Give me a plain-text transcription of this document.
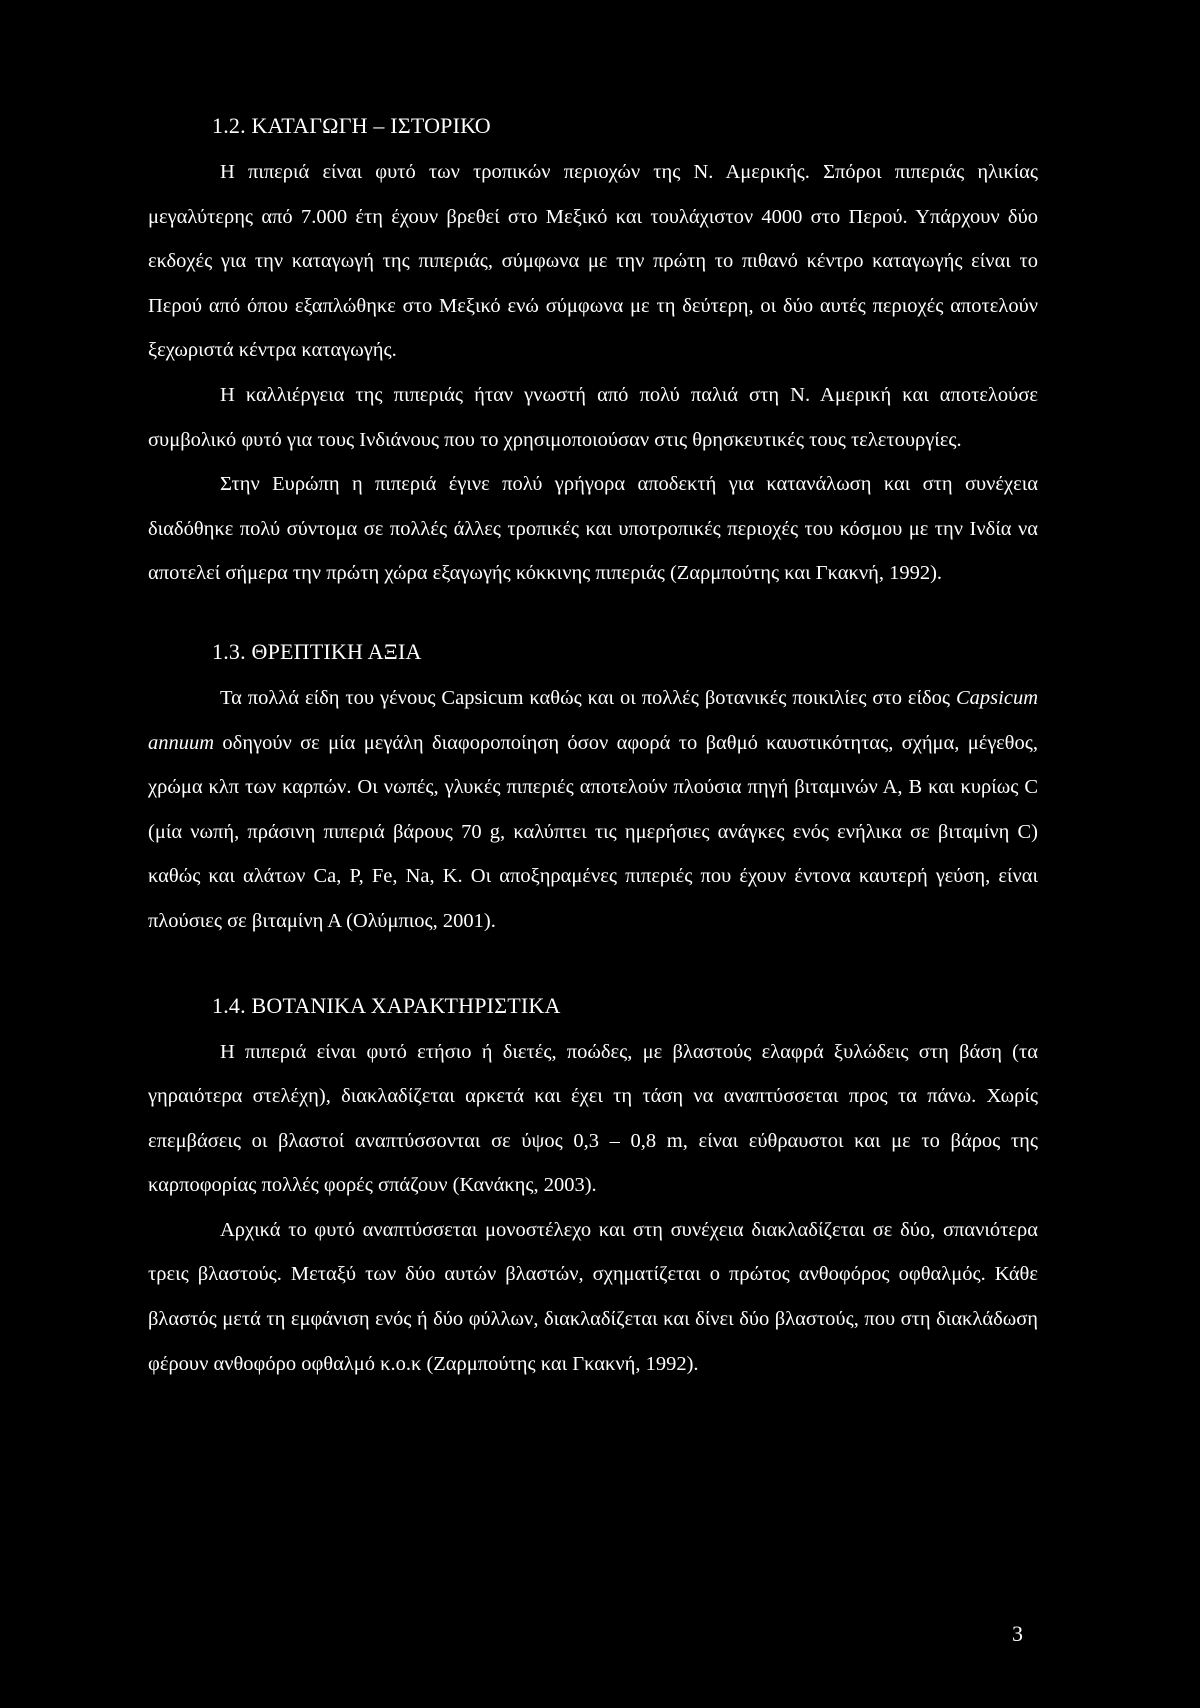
1.2. ΚΑΤΑΓΩΓΗ – ΙΣΤΟΡΙΚΟ

Η πιπεριά είναι φυτό των τροπικών περιοχών της Ν. Αμερικής. Σπόροι πιπεριάς ηλικίας μεγαλύτερης από 7.000 έτη έχουν βρεθεί στο Μεξικό και τουλάχιστον 4000 στο Περού. Υπάρχουν δύο εκδοχές για την καταγωγή της πιπεριάς, σύμφωνα με την πρώτη το πιθανό κέντρο καταγωγής είναι το Περού από όπου εξαπλώθηκε στο Μεξικό ενώ σύμφωνα με τη δεύτερη, οι δύο αυτές περιοχές αποτελούν ξεχωριστά κέντρα καταγωγής.

Η καλλιέργεια της πιπεριάς ήταν γνωστή από πολύ παλιά στη Ν. Αμερική και αποτελούσε συμβολικό φυτό για τους Ινδιάνους που το χρησιμοποιούσαν στις θρησκευτικές τους τελετουργίες.

Στην Ευρώπη η πιπεριά έγινε πολύ γρήγορα αποδεκτή για κατανάλωση και στη συνέχεια διαδόθηκε πολύ σύντομα σε πολλές άλλες τροπικές και υποτροπικές περιοχές του κόσμου με την Ινδία να αποτελεί σήμερα την πρώτη χώρα εξαγωγής κόκκινης πιπεριάς (Ζαρμπούτης και Γκακνή, 1992).

1.3. ΘΡΕΠΤΙΚΗ ΑΞΙΑ

Τα πολλά είδη του γένους Capsicum καθώς και οι πολλές βοτανικές ποικιλίες στο είδος Capsicum annuum οδηγούν σε μία μεγάλη διαφοροποίηση όσον αφορά το βαθμό καυστικότητας, σχήμα, μέγεθος, χρώμα κλπ των καρπών. Οι νωπές, γλυκές πιπεριές αποτελούν πλούσια πηγή βιταμινών Α, Β και κυρίως C (μία νωπή, πράσινη πιπεριά βάρους 70 g, καλύπτει τις ημερήσιες ανάγκες ενός ενήλικα σε βιταμίνη C) καθώς και αλάτων Ca, P, Fe, Na, K. Οι αποξηραμένες πιπεριές που έχουν έντονα καυτερή γεύση, είναι πλούσιες σε βιταμίνη Α (Ολύμπιος, 2001).

1.4. ΒΟΤΑΝΙΚΑ ΧΑΡΑΚΤΗΡΙΣΤΙΚΑ

Η πιπεριά είναι φυτό ετήσιο ή διετές, ποώδες, με βλαστούς ελαφρά ξυλώδεις στη βάση (τα γηραιότερα στελέχη), διακλαδίζεται αρκετά και έχει τη τάση να αναπτύσσεται προς τα πάνω. Χωρίς επεμβάσεις οι βλαστοί αναπτύσσονται σε ύψος 0,3 – 0,8 m, είναι εύθραυστοι και με το βάρος της καρποφορίας πολλές φορές σπάζουν (Κανάκης, 2003).

Αρχικά το φυτό αναπτύσσεται μονοστέλεχο και στη συνέχεια διακλαδίζεται σε δύο, σπανιότερα τρεις βλαστούς. Μεταξύ των δύο αυτών βλαστών, σχηματίζεται ο πρώτος ανθοφόρος οφθαλμός. Κάθε βλαστός μετά τη εμφάνιση ενός ή δύο φύλλων, διακλαδίζεται και δίνει δύο βλαστούς, που στη διακλάδωση φέρουν ανθοφόρο οφθαλμό κ.ο.κ (Ζαρμπούτης και Γκακνή, 1992).

3
